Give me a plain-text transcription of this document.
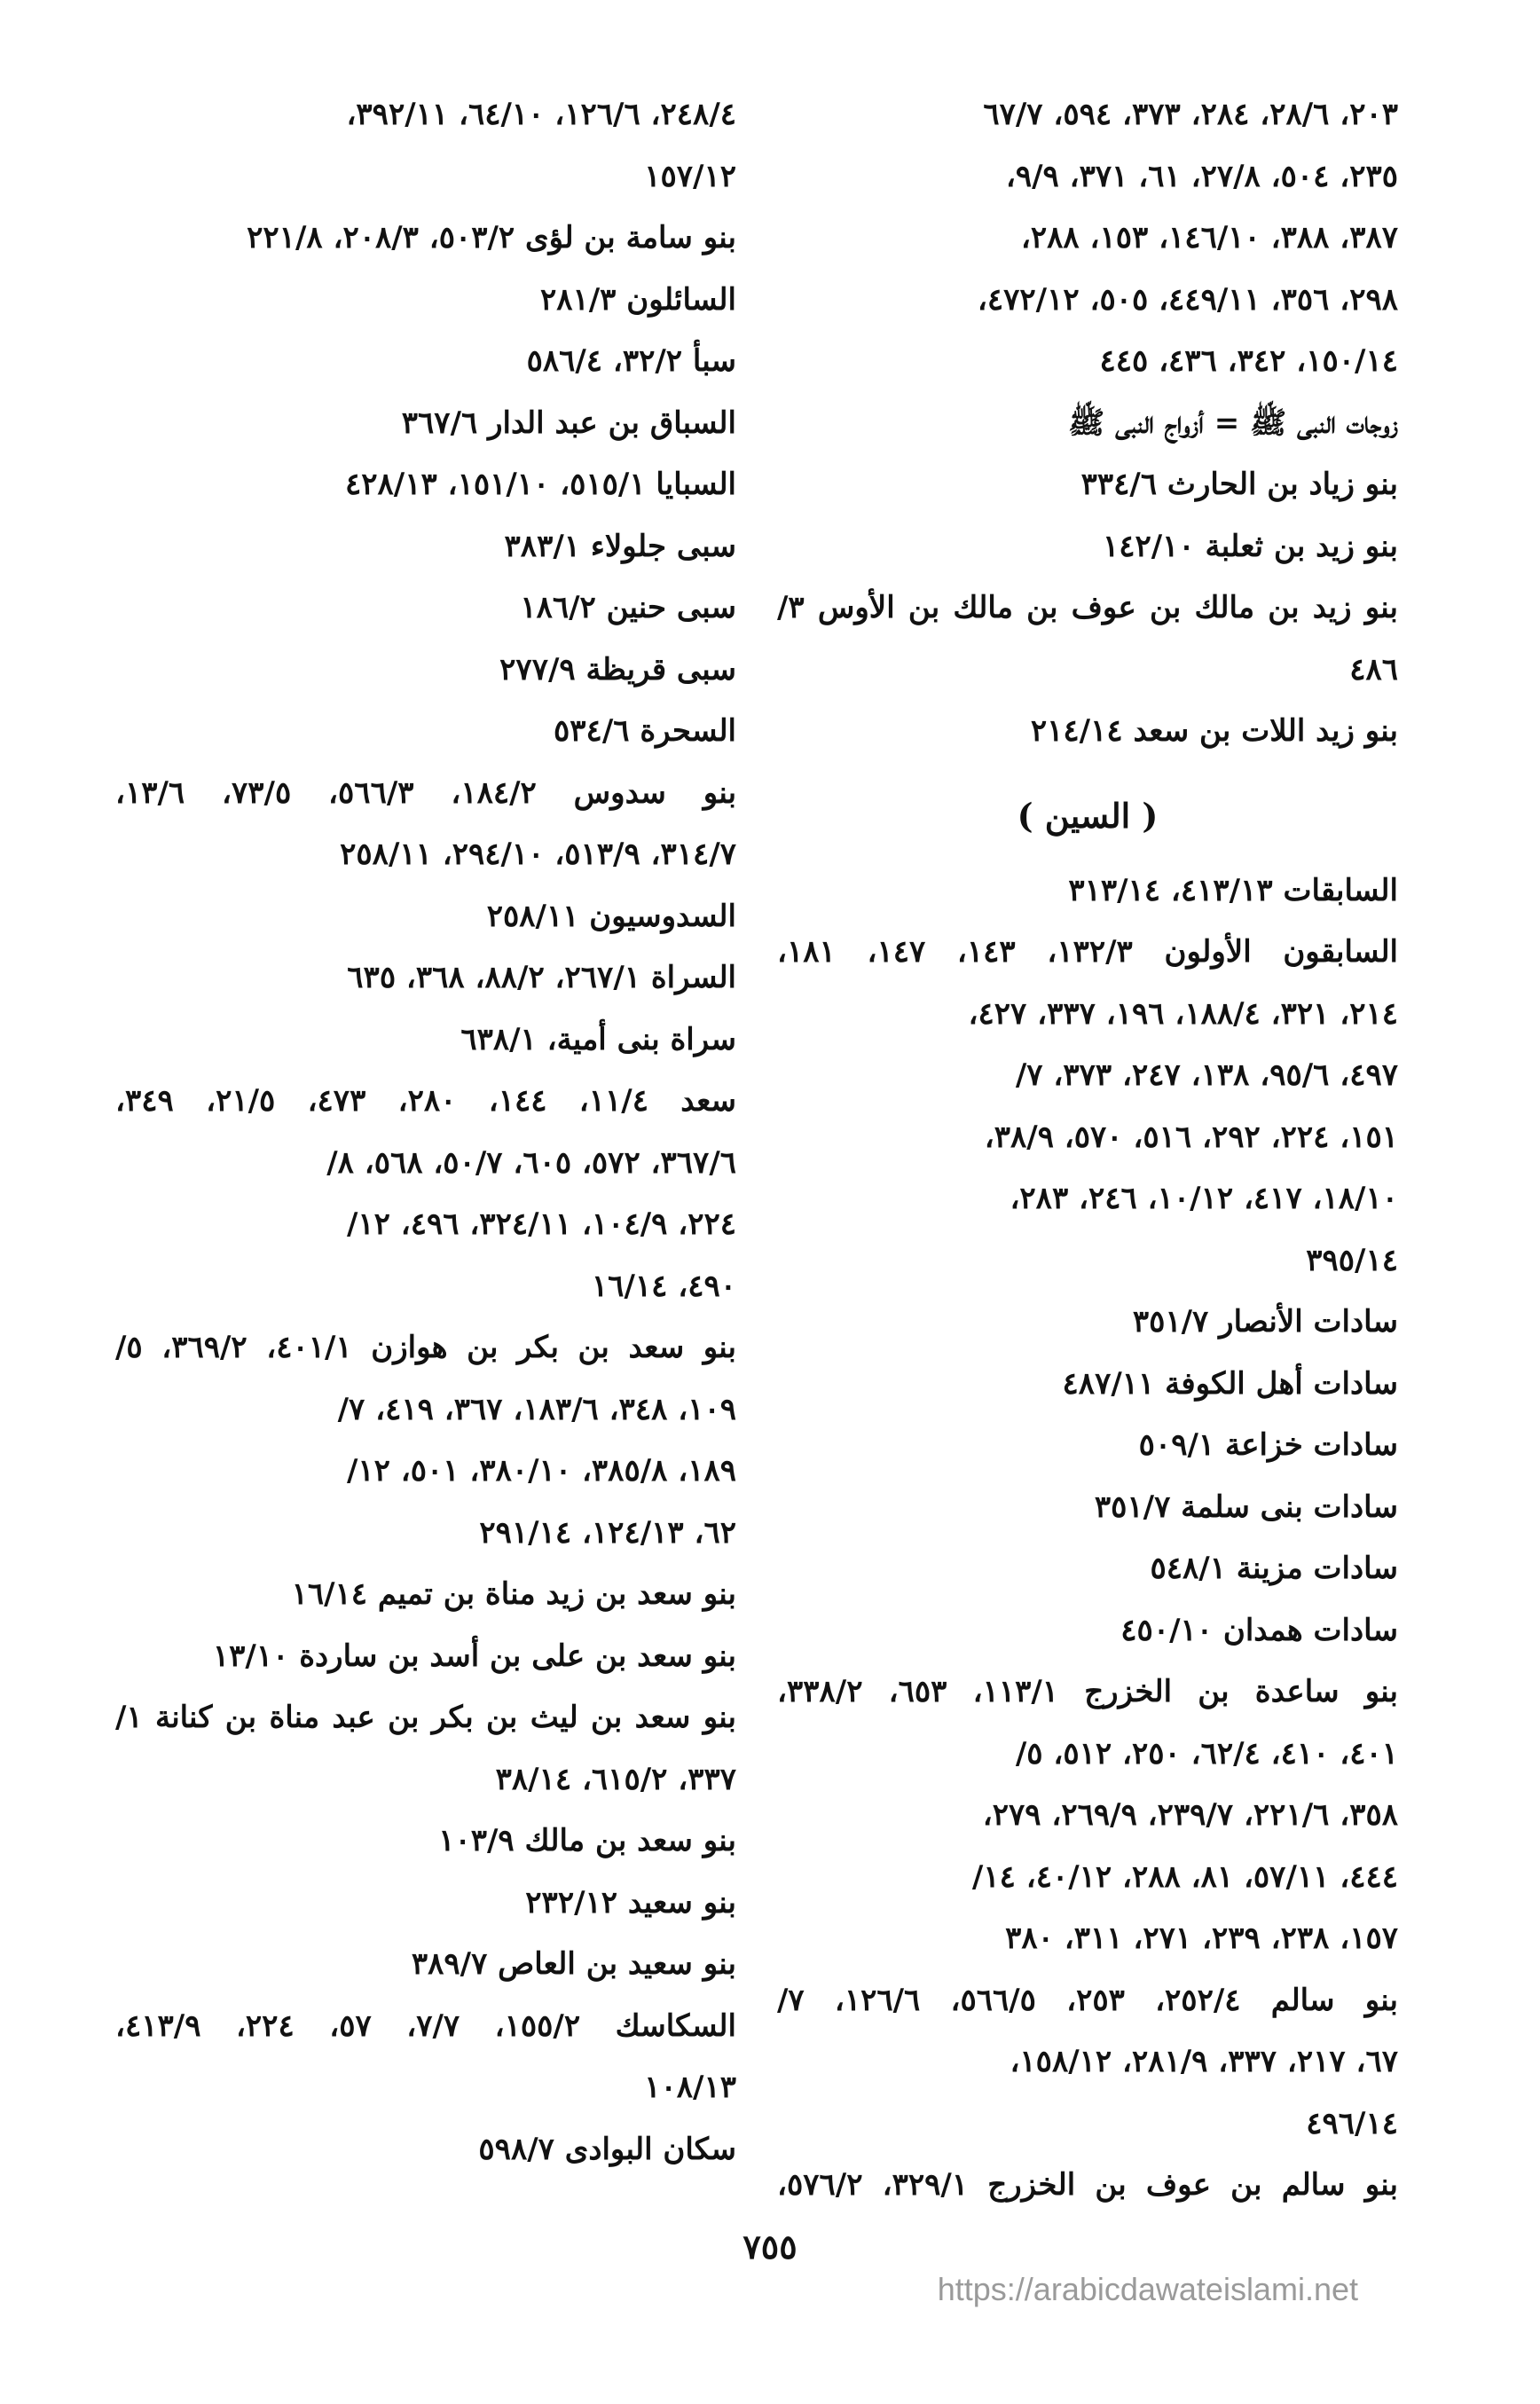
٢٠٣، ٢٨/٦، ٢٨٤، ٣٧٣، ٥٩٤، ٦٧/٧
٢٣٥، ٥٠٤، ٢٧/٨، ٦١، ٣٧١، ٩/٩،
٣٨٧، ٣٨٨، ١٤٦/١٠، ١٥٣، ٢٨٨،
٢٩٨، ٣٥٦، ٤٤٩/١١، ٥٠٥، ٤٧٢/١٢،
١٥٠/١٤، ٣٤٢، ٤٣٦، ٤٤٥
زوجات النبى ﷺ = أزواج النبى ﷺ
بنو زياد بن الحارث ٣٣٤/٦
بنو زيد بن ثعلبة ١٤٢/١٠
بنو زيد بن مالك بن عوف بن مالك بن الأوس ٣/
٤٨٦
بنو زيد اللات بن سعد ٢١٤/١٤
( السين )
السابقات ٤١٣/١٣، ٣١٣/١٤
السابقون الأولون ١٣٢/٣، ١٤٣، ١٤٧، ١٨١،
٢١٤، ٣٢١، ١٨٨/٤، ١٩٦، ٣٣٧، ٤٢٧،
٤٩٧، ٩٥/٦، ١٣٨، ٢٤٧، ٣٧٣، ٧/
١٥١، ٢٢٤، ٢٩٢، ٥١٦، ٥٧٠، ٣٨/٩،
١٨/١٠، ٤١٧، ١٠/١٢، ٢٤٦، ٢٨٣،
٣٩٥/١٤
سادات الأنصار ٣٥١/٧
سادات أهل الكوفة ٤٨٧/١١
سادات خزاعة ٥٠٩/١
سادات بنى سلمة ٣٥١/٧
سادات مزينة ٥٤٨/١
سادات همدان ٤٥٠/١٠
بنو ساعدة بن الخزرج ١١٣/١، ٦٥٣، ٣٣٨/٢،
٤٠١، ٤١٠، ٦٢/٤، ٢٥٠، ٥١٢، ٥/
٣٥٨، ٢٢١/٦، ٢٣٩/٧، ٢٦٩/٩، ٢٧٩،
٤٤٤، ٥٧/١١، ٨١، ٢٨٨، ٤٠/١٢، ١٤/
١٥٧، ٢٣٨، ٢٣٩، ٢٧١، ٣١١، ٣٨٠
بنو سالم ٢٥٢/٤، ٢٥٣، ٥٦٦/٥، ١٢٦/٦، ٧/
٦٧، ٢١٧، ٣٣٧، ٢٨١/٩، ١٥٨/١٢،
٤٩٦/١٤
بنو سالم بن عوف بن الخزرج ٣٢٩/١، ٥٧٦/٢،
٢٤٨/٤، ١٢٦/٦، ٦٤/١٠، ٣٩٢/١١،
١٥٧/١٢
بنو سامة بن لؤى ٥٠٣/٢، ٢٠٨/٣، ٢٢١/٨
السائلون ٢٨١/٣
سبأ ٣٢/٢، ٥٨٦/٤
السباق بن عبد الدار ٣٦٧/٦
السبايا ٥١٥/١، ١٥١/١٠، ٤٢٨/١٣
سبى جلولاء ٣٨٣/١
سبى حنين ١٨٦/٢
سبى قريظة ٢٧٧/٩
السحرة ٥٣٤/٦
بنو سدوس ١٨٤/٢، ٥٦٦/٣، ٧٣/٥، ١٣/٦،
٣١٤/٧، ٥١٣/٩، ٢٩٤/١٠، ٢٥٨/١١
السدوسيون ٢٥٨/١١
السراة ٢٦٧/١، ٨٨/٢، ٣٦٨، ٦٣٥
سراة بنى أمية، ٦٣٨/١
سعد ١١/٤، ١٤٤، ٢٨٠، ٤٧٣، ٢١/٥، ٣٤٩،
٣٦٧/٦، ٥٧٢، ٦٠٥، ٥٠/٧، ٥٦٨، ٨/
٢٢٤، ١٠٤/٩، ٣٢٤/١١، ٤٩٦، ١٢/
٤٩٠، ١٦/١٤
بنو سعد بن بكر بن هوازن ٤٠١/١، ٣٦٩/٢، ٥/
١٠٩، ٣٤٨، ١٨٣/٦، ٣٦٧، ٤١٩، ٧/
١٨٩، ٣٨٥/٨، ٣٨٠/١٠، ٥٠١، ١٢/
٦٢، ١٢٤/١٣، ٢٩١/١٤
بنو سعد بن زيد مناة بن تميم ١٦/١٤
بنو سعد بن على بن أسد بن ساردة ١٣/١٠
بنو سعد بن ليث بن بكر بن عبد مناة بن كنانة ١/
٣٣٧، ٦١٥/٢، ٣٨/١٤
بنو سعد بن مالك ١٠٣/٩
بنو سعيد ٢٣٢/١٢
بنو سعيد بن العاص ٣٨٩/٧
السكاسك ١٥٥/٢، ٧/٧، ٥٧، ٢٢٤، ٤١٣/٩،
١٠٨/١٣
سكان البوادى ٥٩٨/٧
٧٥٥
https://arabicdawateislami.net
